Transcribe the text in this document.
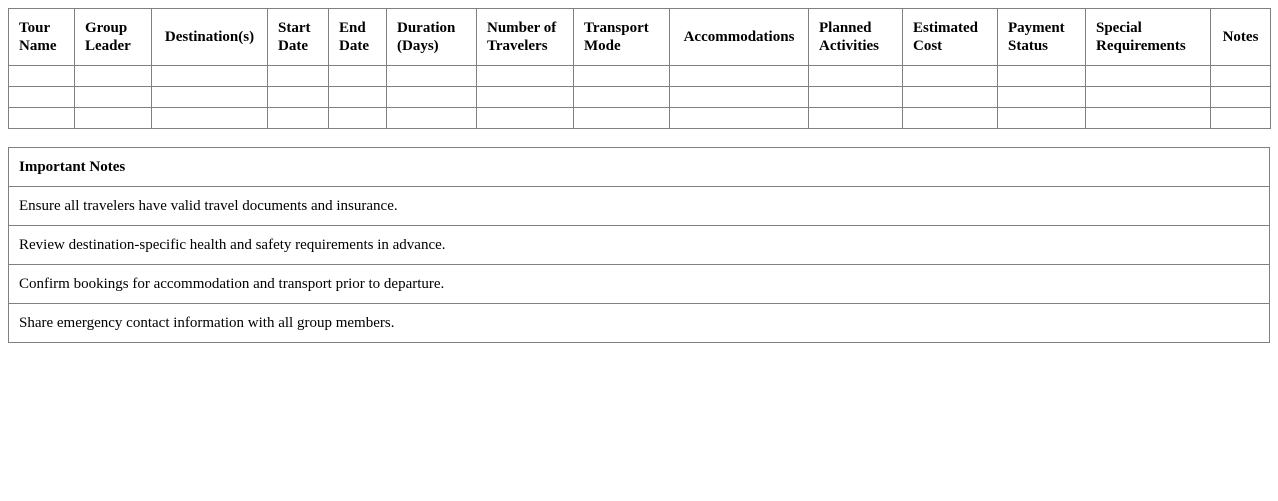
Tour Name	Group Leader	Destination(s)	Start Date	End Date	Duration (Days)	Number of Travelers	Transport Mode	Accommodations	Planned Activities	Estimated Cost	Payment Status	Special Requirements	Notes

Important Notes
Ensure all travelers have valid travel documents and insurance.
Review destination-specific health and safety requirements in advance.
Confirm bookings for accommodation and transport prior to departure.
Share emergency contact information with all group members.
